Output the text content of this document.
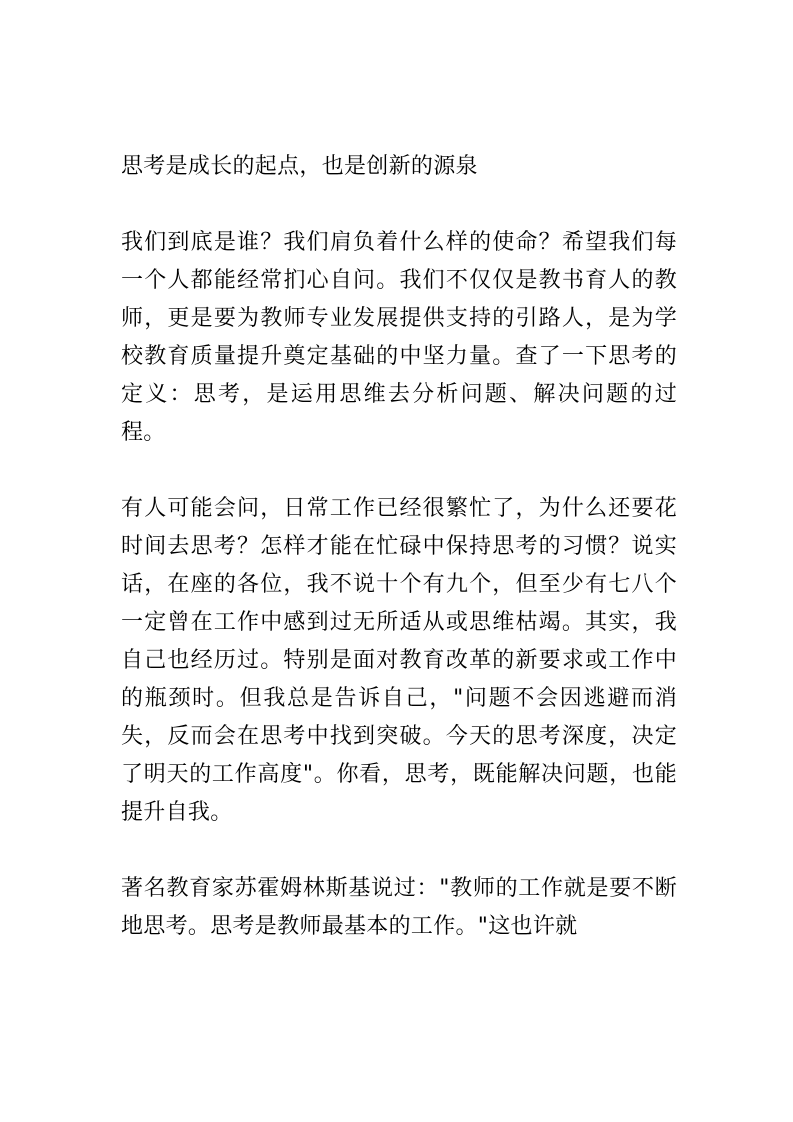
思考是成长的起点，也是创新的源泉

我们到底是谁？我们肩负着什么样的使命？希望我们每一个人都能经常扪心自问。我们不仅仅是教书育人的教师，更是要为教师专业发展提供支持的引路人，是为学校教育质量提升奠定基础的中坚力量。查了一下思考的定义：思考，是运用思维去分析问题、解决问题的过程。

有人可能会问，日常工作已经很繁忙了，为什么还要花时间去思考？怎样才能在忙碌中保持思考的习惯？说实话，在座的各位，我不说十个有九个，但至少有七八个一定曾在工作中感到过无所适从或思维枯竭。其实，我自己也经历过。特别是面对教育改革的新要求或工作中的瓶颈时。但我总是告诉自己，"问题不会因逃避而消失，反而会在思考中找到突破。今天的思考深度，决定了明天的工作高度"。你看，思考，既能解决问题，也能提升自我。

著名教育家苏霍姆林斯基说过："教师的工作就是要不断地思考。思考是教师最基本的工作。"这也许就
